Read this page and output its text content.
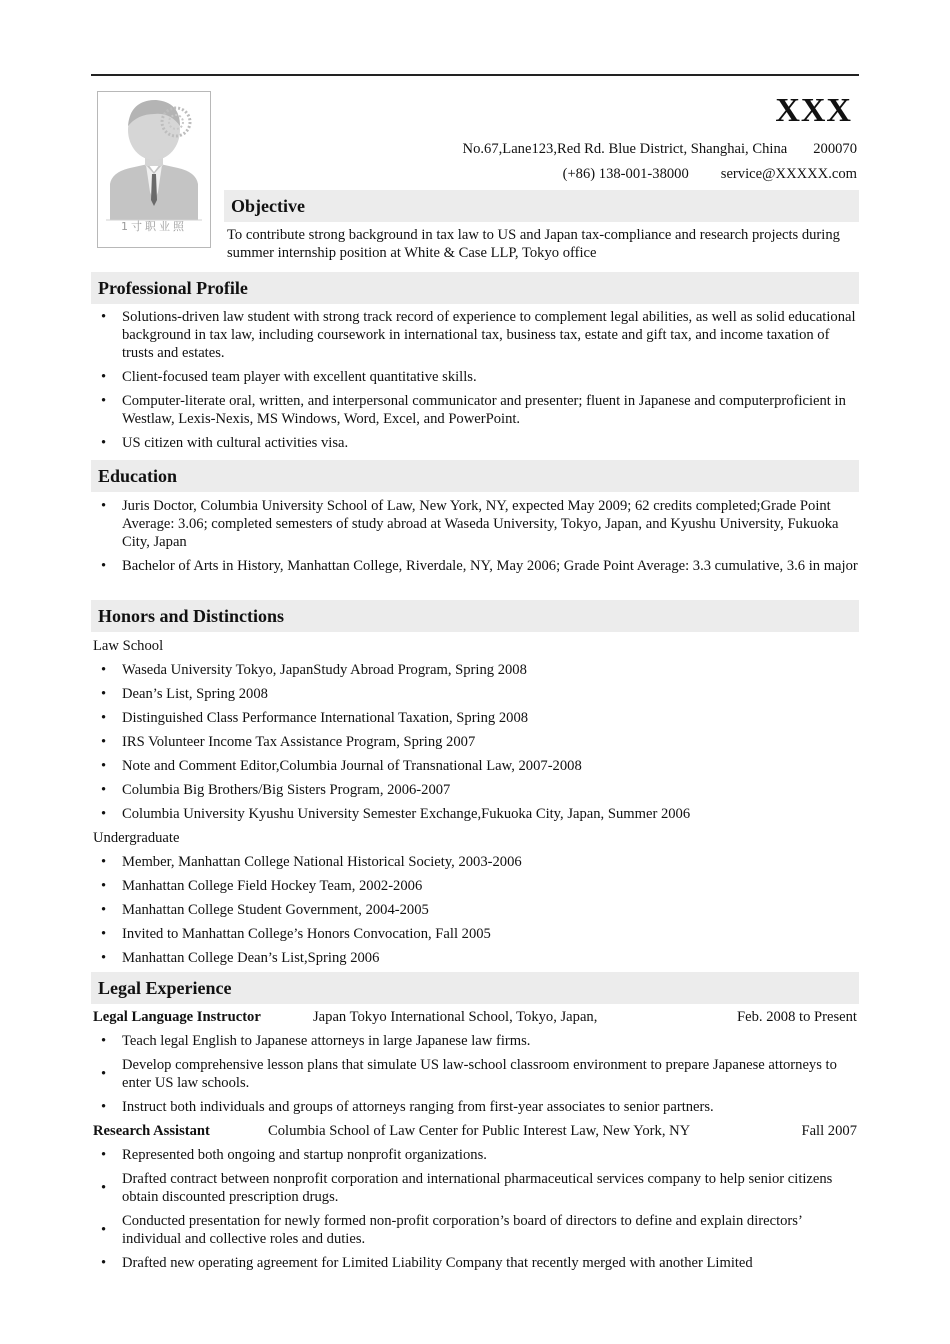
1寸职业照
XXX
No.67,Lane123,Red Rd. Blue District, Shanghai, China 200070
(+86) 138-001-38000 service@XXXXX.com
Objective
To contribute strong background in tax law to US and Japan tax-compliance and research projects during summer internship position at White & Case LLP, Tokyo office
Professional Profile
• Solutions-driven law student with strong track record of experience to complement legal abilities, as well as solid educational background in tax law, including coursework in international tax, business tax, estate and gift tax, and income taxation of trusts and estates.
• Client-focused team player with excellent quantitative skills.
• Computer-literate oral, written, and interpersonal communicator and presenter; fluent in Japanese and computerproficient in Westlaw, Lexis-Nexis, MS Windows, Word, Excel, and PowerPoint.
• US citizen with cultural activities visa.
Education
• Juris Doctor, Columbia University School of Law, New York, NY, expected May 2009; 62 credits completed;Grade Point Average: 3.06; completed semesters of study abroad at Waseda University, Tokyo, Japan, and Kyushu University, Fukuoka City, Japan
• Bachelor of Arts in History, Manhattan College, Riverdale, NY, May 2006; Grade Point Average: 3.3 cumulative, 3.6 in major
Honors and Distinctions
Law School
• Waseda University Tokyo, JapanStudy Abroad Program, Spring 2008
• Dean’s List, Spring 2008
• Distinguished Class Performance International Taxation, Spring 2008
• IRS Volunteer Income Tax Assistance Program, Spring 2007
• Note and Comment Editor,Columbia Journal of Transnational Law, 2007-2008
• Columbia Big Brothers/Big Sisters Program, 2006-2007
• Columbia University Kyushu University Semester Exchange,Fukuoka City, Japan, Summer 2006
Undergraduate
• Member, Manhattan College National Historical Society, 2003-2006
• Manhattan College Field Hockey Team, 2002-2006
• Manhattan College Student Government, 2004-2005
• Invited to Manhattan College’s Honors Convocation, Fall 2005
• Manhattan College Dean’s List,Spring 2006
Legal Experience
Legal Language Instructor	Japan Tokyo International School, Tokyo, Japan,	Feb. 2008 to Present
• Teach legal English to Japanese attorneys in large Japanese law firms.
• Develop comprehensive lesson plans that simulate US law-school classroom environment to prepare Japanese attorneys to enter US law schools.
• Instruct both individuals and groups of attorneys ranging from first-year associates to senior partners.
Research Assistant	Columbia School of Law Center for Public Interest Law, New York, NY	Fall 2007
• Represented both ongoing and startup nonprofit organizations.
• Drafted contract between nonprofit corporation and international pharmaceutical services company to help senior citizens obtain discounted prescription drugs.
• Conducted presentation for newly formed non-profit corporation’s board of directors to define and explain directors’ individual and collective roles and duties.
• Drafted new operating agreement for Limited Liability Company that recently merged with another Limited
